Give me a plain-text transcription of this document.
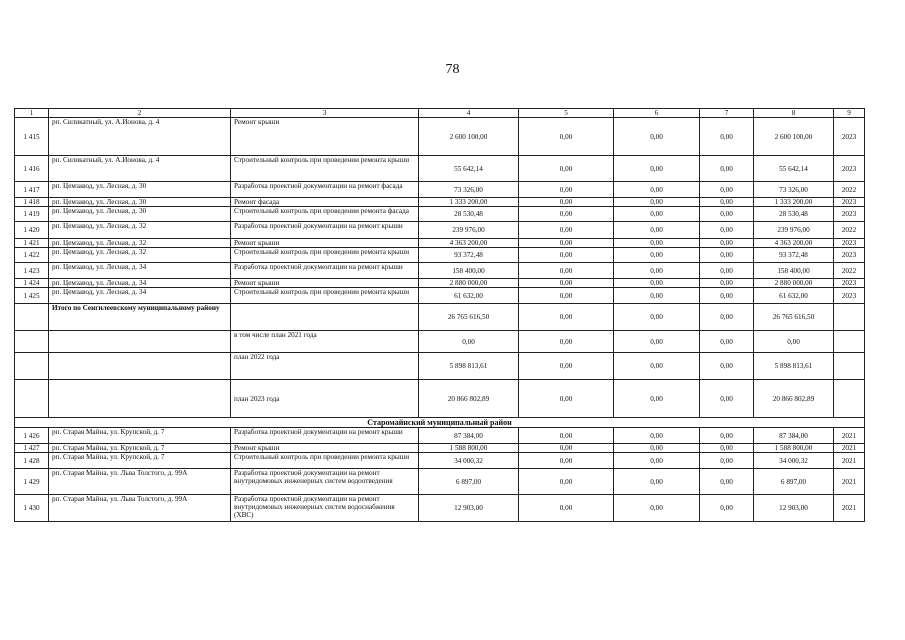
78
1	2	3	4	5	6	7	8	9
1 415	рп. Силикатный, ул. А.Ионова, д. 4	Ремонт крыши	2 600 100,00	0,00	0,00	0,00	2 600 100,00	2023
1 416	рп. Силикатный, ул. А.Ионова, д. 4	Строительный контроль при проведении ремонта крыши	55 642,14	0,00	0,00	0,00	55 642,14	2023
1 417	рп. Цемзавод, ул. Лесная, д. 30	Разработка проектной документации на ремонт фасада	73 326,00	0,00	0,00	0,00	73 326,00	2022
1 418	рп. Цемзавод, ул. Лесная, д. 30	Ремонт фасада	1 333 200,00	0,00	0,00	0,00	1 333 200,00	2023
1 419	рп. Цемзавод, ул. Лесная, д. 30	Строительный контроль при проведении ремонта фасада	28 530,48	0,00	0,00	0,00	28 530,48	2023
1 420	рп. Цемзавод, ул. Лесная, д. 32	Разработка проектной документации на ремонт крыши	239 976,00	0,00	0,00	0,00	239 976,00	2022
1 421	рп. Цемзавод, ул. Лесная, д. 32	Ремонт крыши	4 363 200,00	0,00	0,00	0,00	4 363 200,00	2023
1 422	рп. Цемзавод, ул. Лесная, д. 32	Строительный контроль при проведении ремонта крыши	93 372,48	0,00	0,00	0,00	93 372,48	2023
1 423	рп. Цемзавод, ул. Лесная, д. 34	Разработка проектной документации на ремонт крыши	158 400,00	0,00	0,00	0,00	158 400,00	2022
1 424	рп. Цемзавод, ул. Лесная, д. 34	Ремонт крыши	2 880 000,00	0,00	0,00	0,00	2 880 000,00	2023
1 425	рп. Цемзавод, ул. Лесная, д. 34	Строительный контроль при проведении ремонта крыши	61 632,00	0,00	0,00	0,00	61 632,00	2023
	Итого по Сенгилеевскому муниципальному району		26 765 616,50	0,00	0,00	0,00	26 765 616,50	
		в том числе план 2021 года	0,00	0,00	0,00	0,00	0,00	
		план 2022 года	5 898 813,61	0,00	0,00	0,00	5 898 813,61	
		план 2023 года	20 866 802,89	0,00	0,00	0,00	20 866 802,89	
Старомайнский муниципальный район								
1 426	рп. Старая Майна, ул. Крупской, д. 7	Разработка проектной документации на ремонт крыши	87 384,00	0,00	0,00	0,00	87 384,00	2021
1 427	рп. Старая Майна, ул. Крупской, д. 7	Ремонт крыши	1 588 800,00	0,00	0,00	0,00	1 588 800,00	2021
1 428	рп. Старая Майна, ул. Крупской, д. 7	Строительный контроль при проведении ремонта крыши	34 000,32	0,00	0,00	0,00	34 000,32	2021
1 429	рп. Старая Майна, ул. Льва Толстого, д. 99А	Разработка проектной документации на ремонт внутридомовых инженерных систем водоотведения	6 897,00	0,00	0,00	0,00	6 897,00	2021
1 430	рп. Старая Майна, ул. Льва Толстого, д. 99А	Разработка проектной документации на ремонт внутридомовых инженерных систем водоснабжения (ХВС)	12 903,00	0,00	0,00	0,00	12 903,00	2021
